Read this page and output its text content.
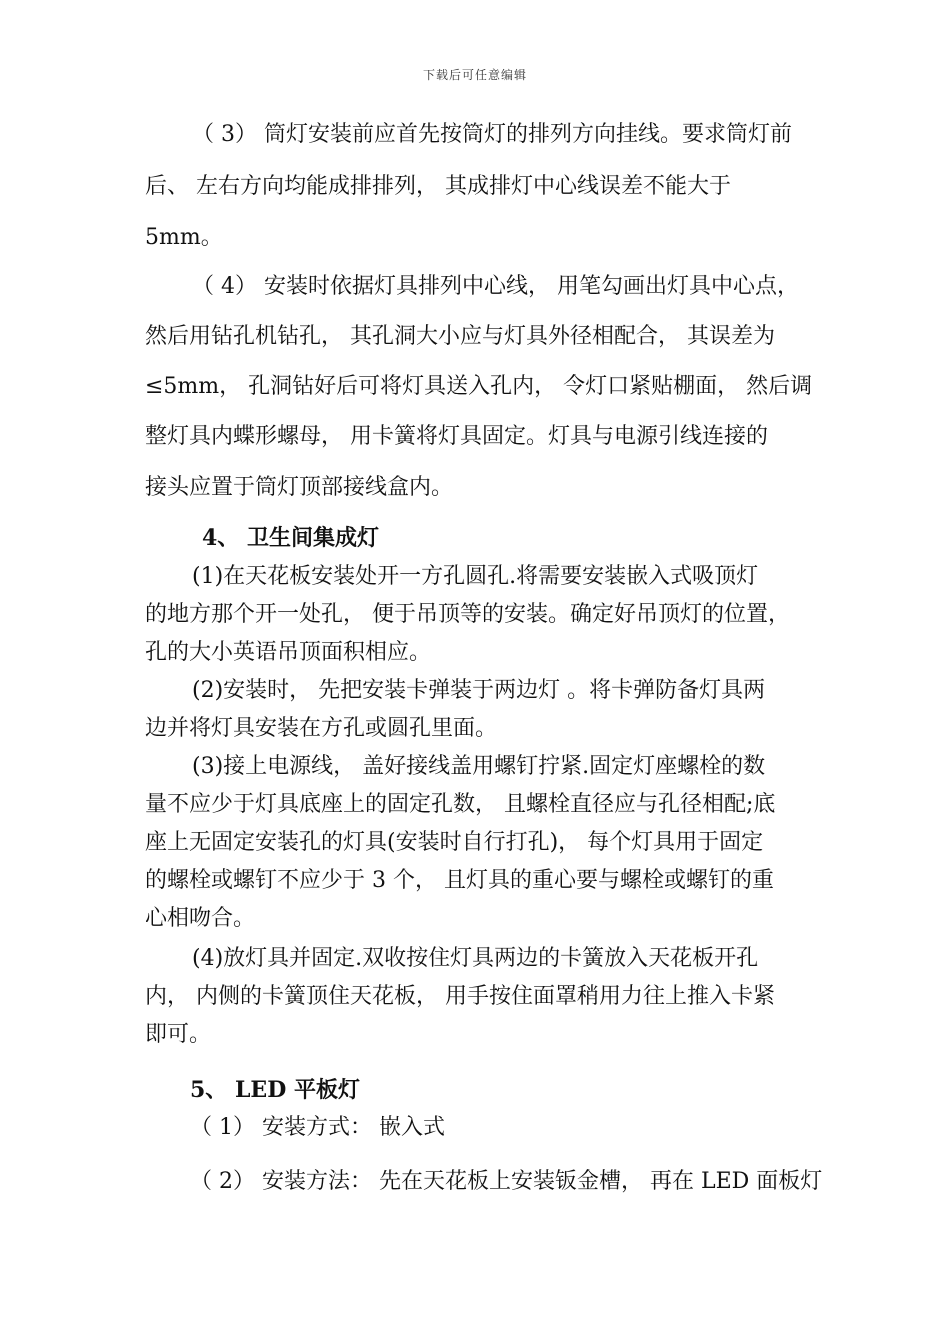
下载后可任意编辑
（ 3） 筒灯安装前应首先按筒灯的排列方向挂线。要求筒灯前
后、 左右方向均能成排排列， 其成排灯中心线误差不能大于
5mm。
（ 4） 安装时依据灯具排列中心线， 用笔勾画出灯具中心点，
然后用钻孔机钻孔， 其孔洞大小应与灯具外径相配合， 其误差为
≤5mm， 孔洞钻好后可将灯具送入孔内， 令灯口紧贴棚面， 然后调
整灯具内蝶形螺母， 用卡簧将灯具固定。灯具与电源引线连接的
接头应置于筒灯顶部接线盒内。
4、 卫生间集成灯
(1)在天花板安装处开一方孔圆孔.将需要安装嵌入式吸顶灯
的地方那个开一处孔， 便于吊顶等的安装。确定好吊顶灯的位置，
孔的大小英语吊顶面积相应。
(2)安装时， 先把安装卡弹装于两边灯 。将卡弹防备灯具两
边并将灯具安装在方孔或圆孔里面。
(3)接上电源线， 盖好接线盖用螺钉拧紧.固定灯座螺栓的数
量不应少于灯具底座上的固定孔数， 且螺栓直径应与孔径相配;底
座上无固定安装孔的灯具(安装时自行打孔)， 每个灯具用于固定
的螺栓或螺钉不应少于 3 个， 且灯具的重心要与螺栓或螺钉的重
心相吻合。
(4)放灯具并固定.双收按住灯具两边的卡簧放入天花板开孔
内， 内侧的卡簧顶住天花板， 用手按住面罩稍用力往上推入卡紧
即可。
5、 LED 平板灯
（ 1） 安装方式： 嵌入式
（ 2） 安装方法： 先在天花板上安装钣金槽， 再在 LED 面板灯
